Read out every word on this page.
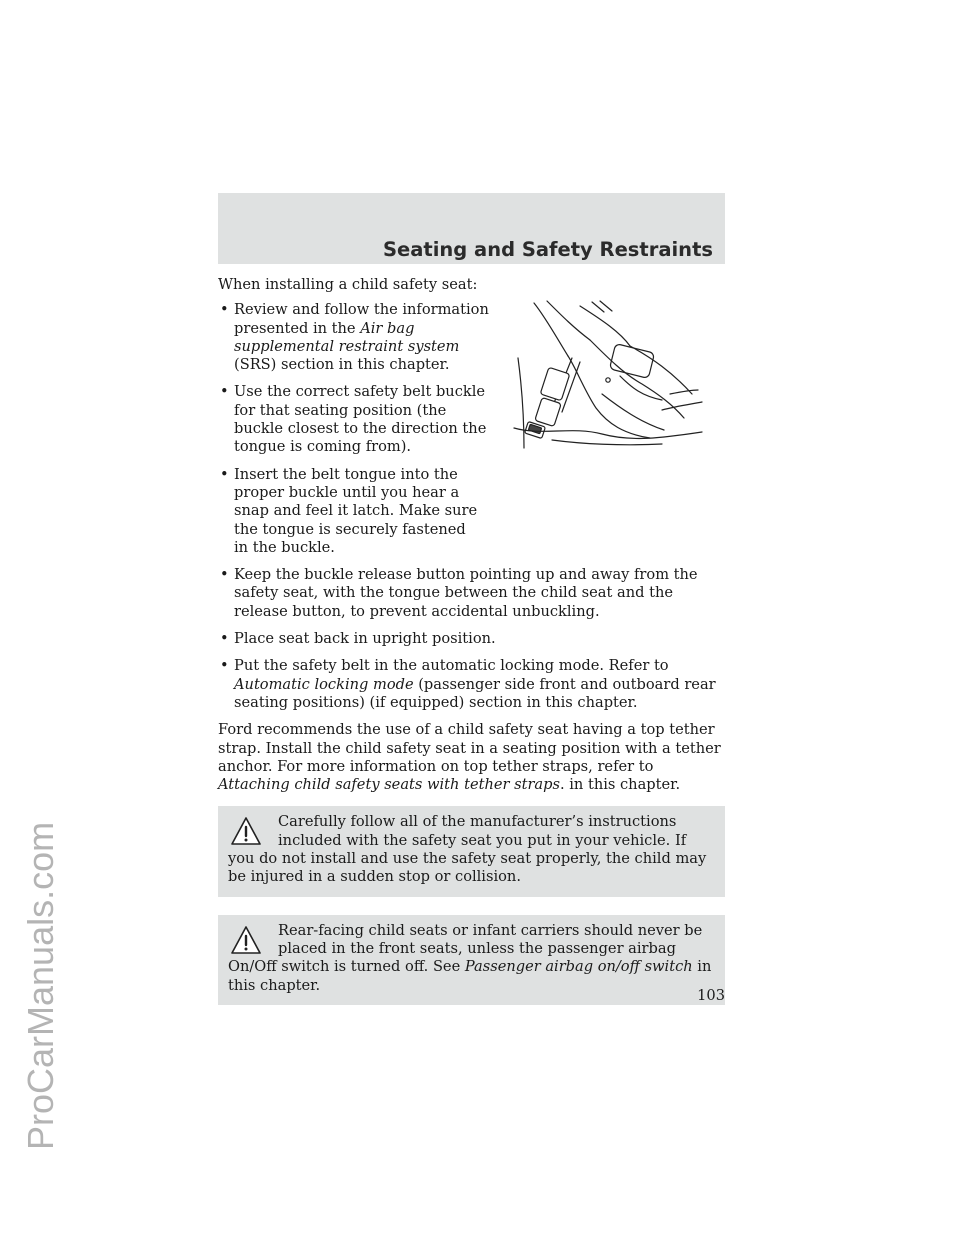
ProCarManuals.com
Seating and Safety Restraints

When installing a child safety seat:

• Review and follow the information presented in the Air bag supplemental restraint system (SRS) section in this chapter.
• Use the correct safety belt buckle for that seating position (the buckle closest to the direction the tongue is coming from).
• Insert the belt tongue into the proper buckle until you hear a snap and feel it latch. Make sure the tongue is securely fastened in the buckle.
• Keep the buckle release button pointing up and away from the safety seat, with the tongue between the child seat and the release button, to prevent accidental unbuckling.
• Place seat back in upright position.
• Put the safety belt in the automatic locking mode. Refer to Automatic locking mode (passenger side front and outboard rear seating positions) (if equipped) section in this chapter.

Ford recommends the use of a child safety seat having a top tether strap. Install the child safety seat in a seating position with a tether anchor. For more information on top tether straps, refer to Attaching child safety seats with tether straps. in this chapter.

Carefully follow all of the manufacturer’s instructions included with the safety seat you put in your vehicle. If you do not install and use the safety seat properly, the child may be injured in a sudden stop or collision.
Rear-facing child seats or infant carriers should never be placed in the front seats, unless the passenger airbag On/Off switch is turned off. See Passenger airbag on/off switch in this chapter.

103
